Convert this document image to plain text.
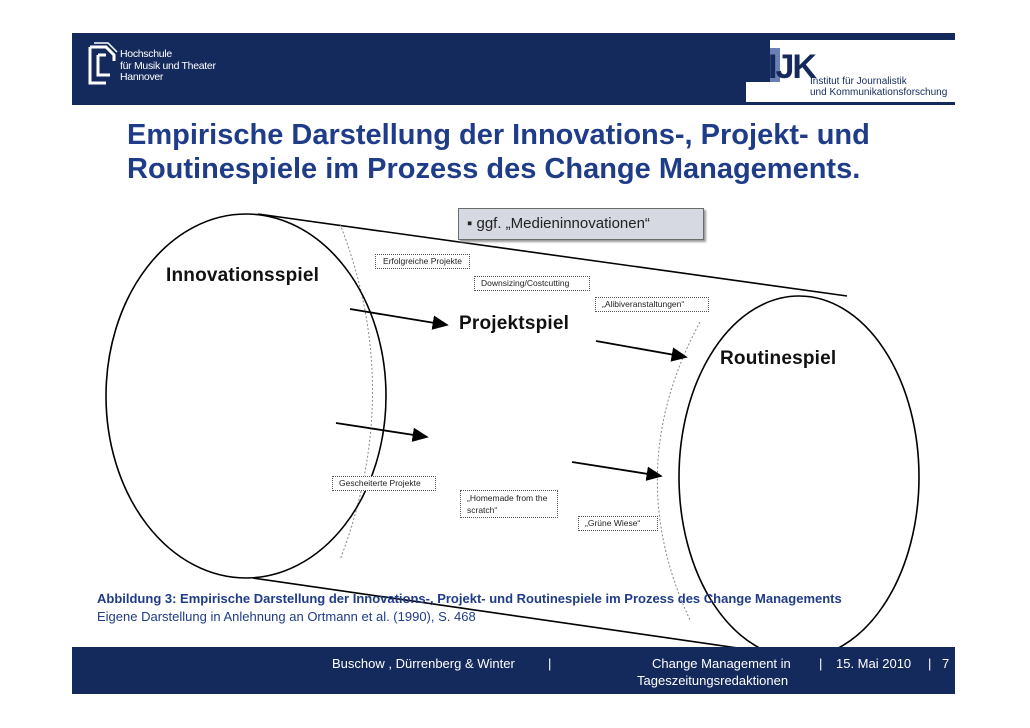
Hochschule
für Musik und Theater
Hannover	IJK
Institut für Journalistik
und Kommunikationsforschung
Empirische Darstellung der Innovations-, Projekt- und
Routinespiele im Prozess des Change Managements.
▪ ggf. „Medieninnovationen“
Innovationsspiel
Projektspiel
Routinespiel
Erfolgreiche Projekte
Downsizing/Costcutting
„Alibiveranstaltungen“
Gescheiterte Projekte
„Homemade from the scratch“
„Grüne Wiese“
Abbildung 3: Empirische Darstellung der Innovations-, Projekt- und Routinespiele im Prozess des Change Managements
Eigene Darstellung in Anlehnung an Ortmann et al. (1990), S. 468
Buschow , Dürrenberg & Winter	|	Change Management in
Tageszeitungsredaktionen
| 15. Mai 2010 | 7
